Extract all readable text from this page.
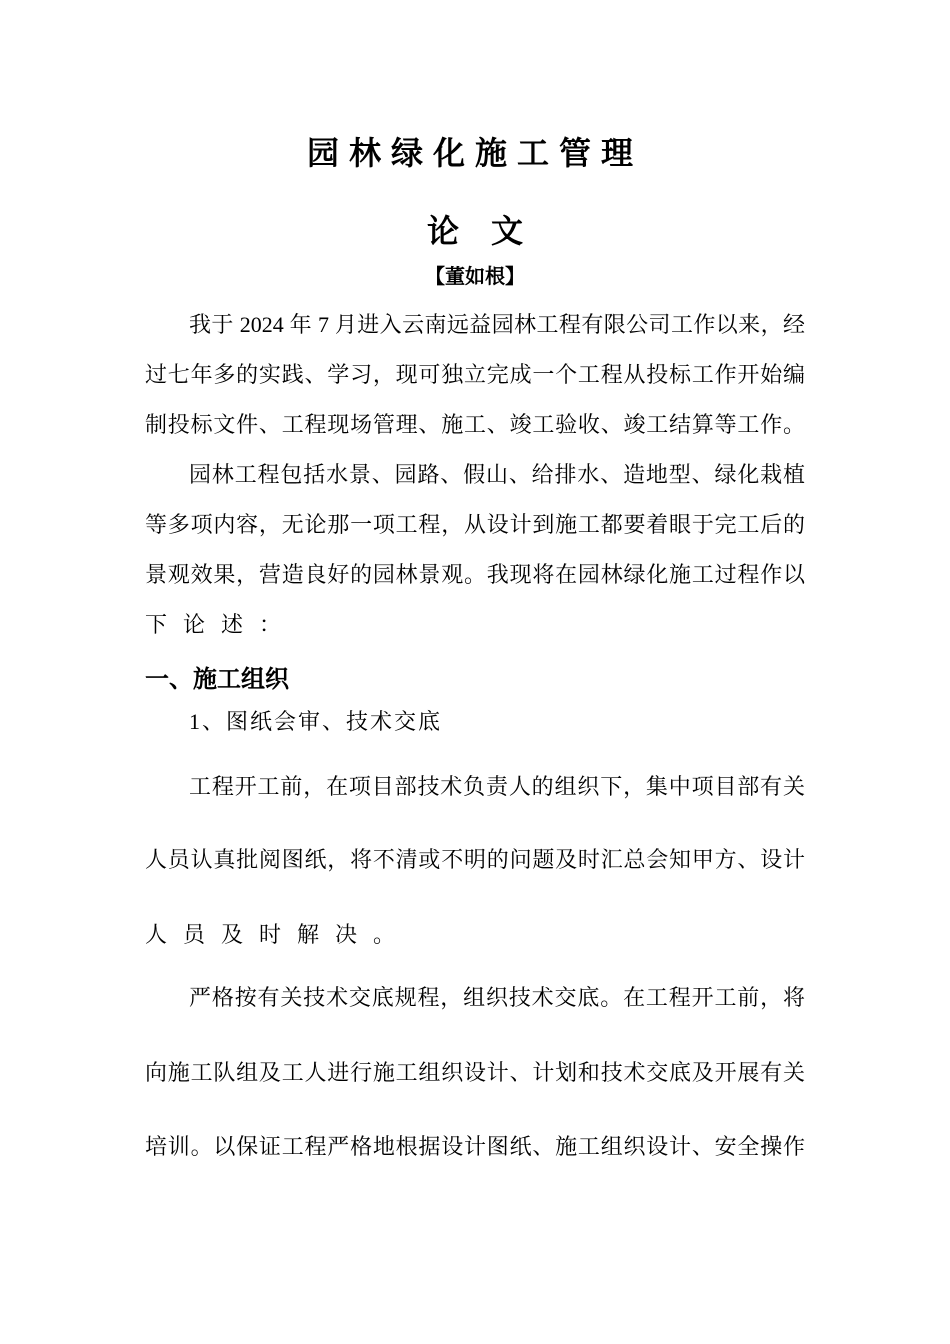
园林绿化施工管理
论　文
【董如根】
我于 2024 年 7 月进入云南远益园林工程有限公司工作以来，经
过七年多的实践、学习，现可独立完成一个工程从投标工作开始编
制投标文件、工程现场管理、施工、竣工验收、竣工结算等工作。
园林工程包括水景、园路、假山、给排水、造地型、绿化栽植
等多项内容，无论那一项工程，从设计到施工都要着眼于完工后的
景观效果，营造良好的园林景观。我现将在园林绿化施工过程作以
下论述：
一、施工组织
1、图纸会审、技术交底
工程开工前，在项目部技术负责人的组织下，集中项目部有关
人员认真批阅图纸，将不清或不明的问题及时汇总会知甲方、设计
人员及时解决。
严格按有关技术交底规程，组织技术交底。在工程开工前，将
向施工队组及工人进行施工组织设计、计划和技术交底及开展有关
培训。以保证工程严格地根据设计图纸、施工组织设计、安全操作
